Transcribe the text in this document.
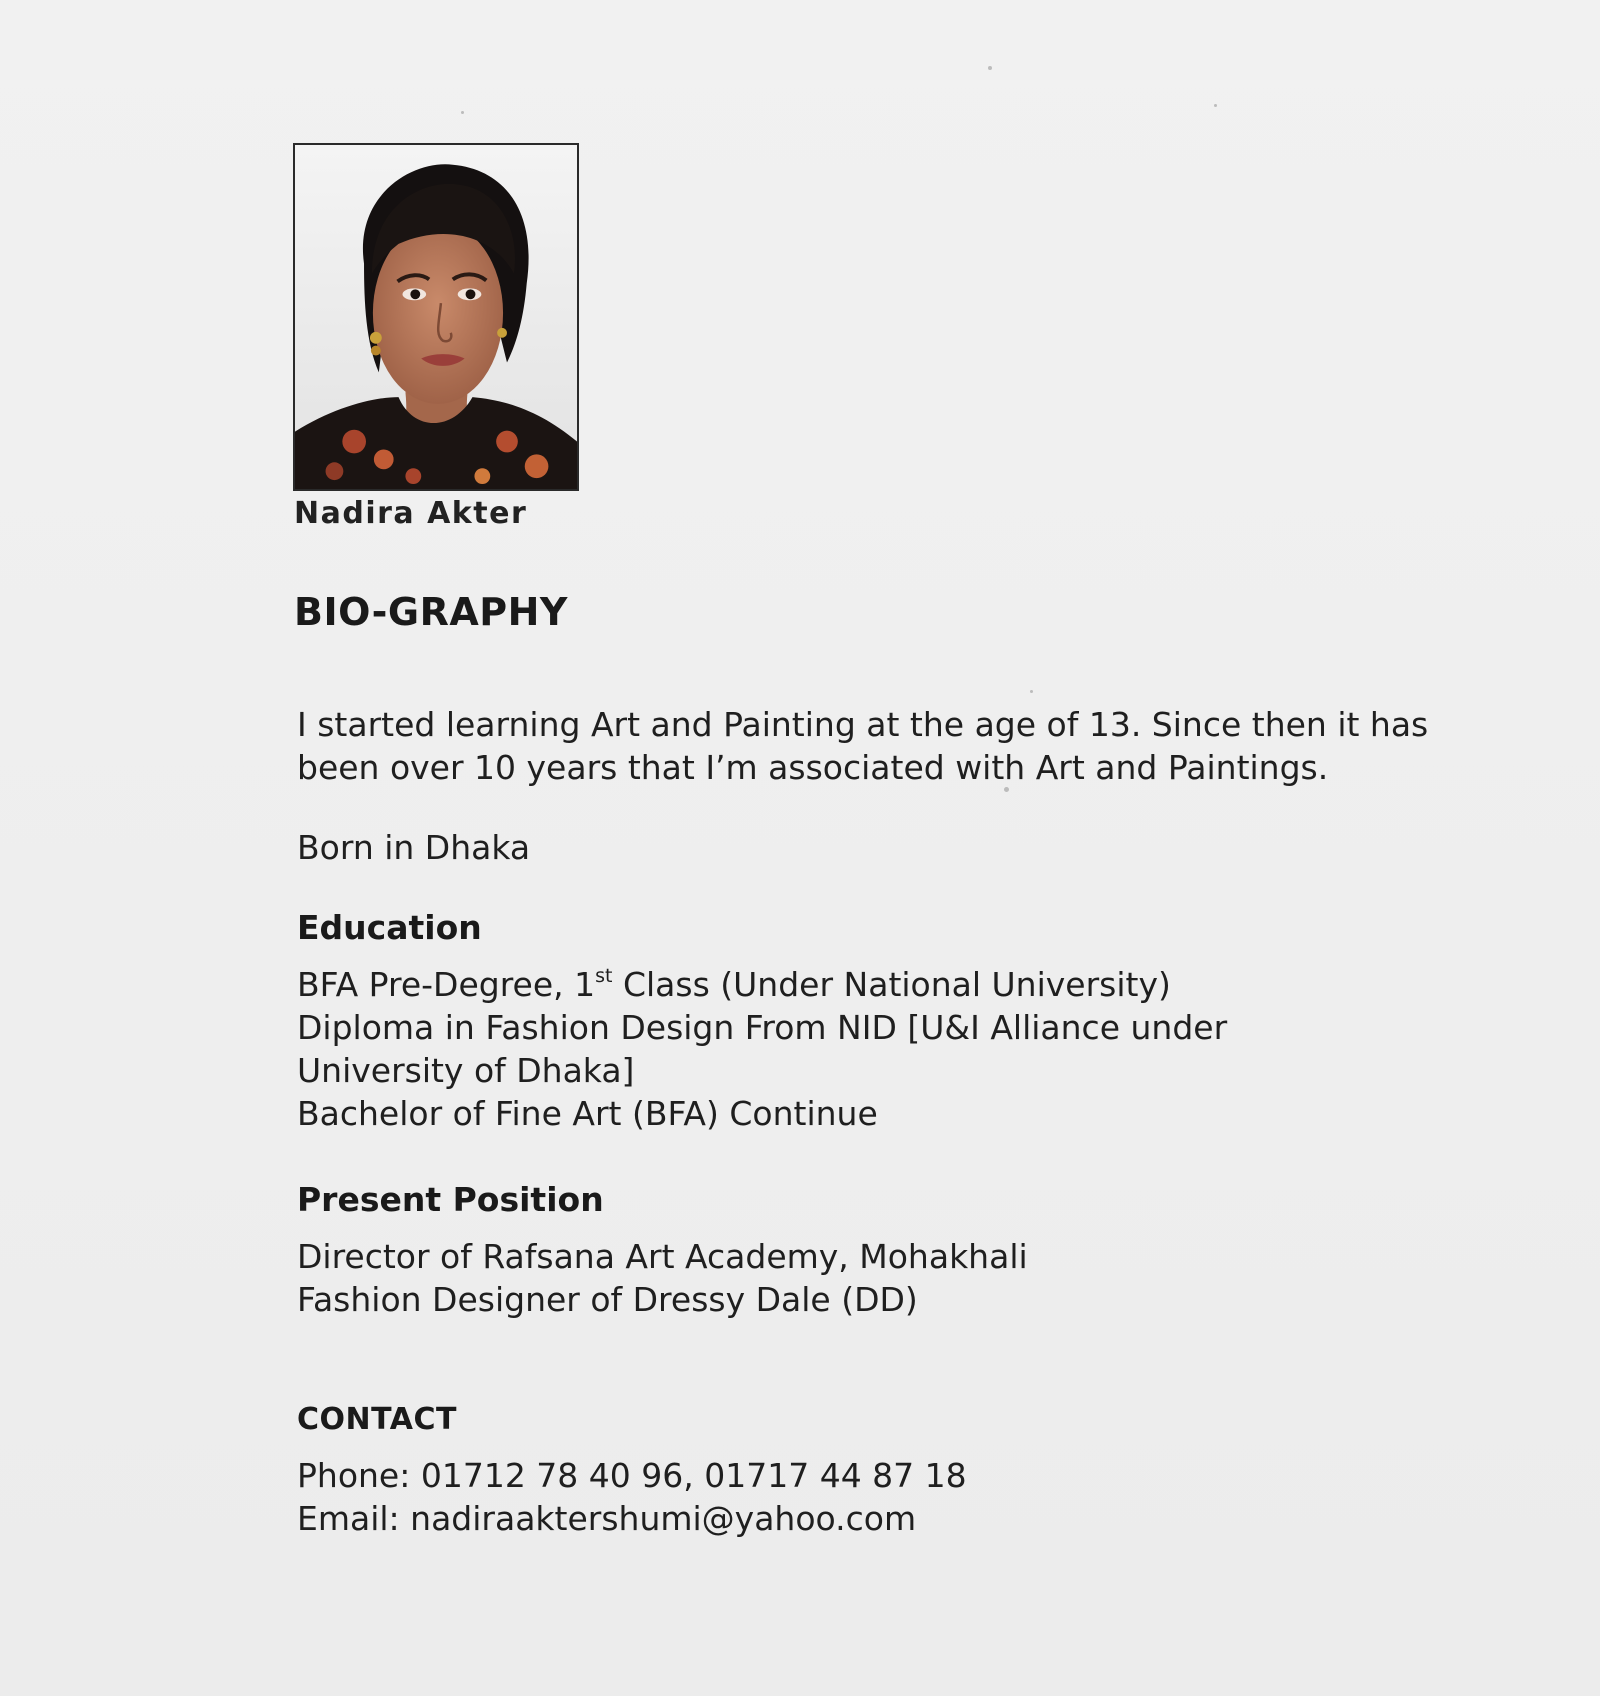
Nadira Akter
BIO-GRAPHY
I started learning Art and Painting at the age of 13. Since then it has
been over 10 years that I’m associated with Art and Paintings.
Born in Dhaka
Education
BFA Pre-Degree, 1st Class (Under National University)
Diploma in Fashion Design From NID [U&I Alliance under
University of Dhaka]
Bachelor of Fine Art (BFA) Continue
Present Position
Director of Rafsana Art Academy, Mohakhali
Fashion Designer of Dressy Dale (DD)
CONTACT
Phone: 01712 78 40 96, 01717 44 87 18
Email: nadiraaktershumi@yahoo.com
